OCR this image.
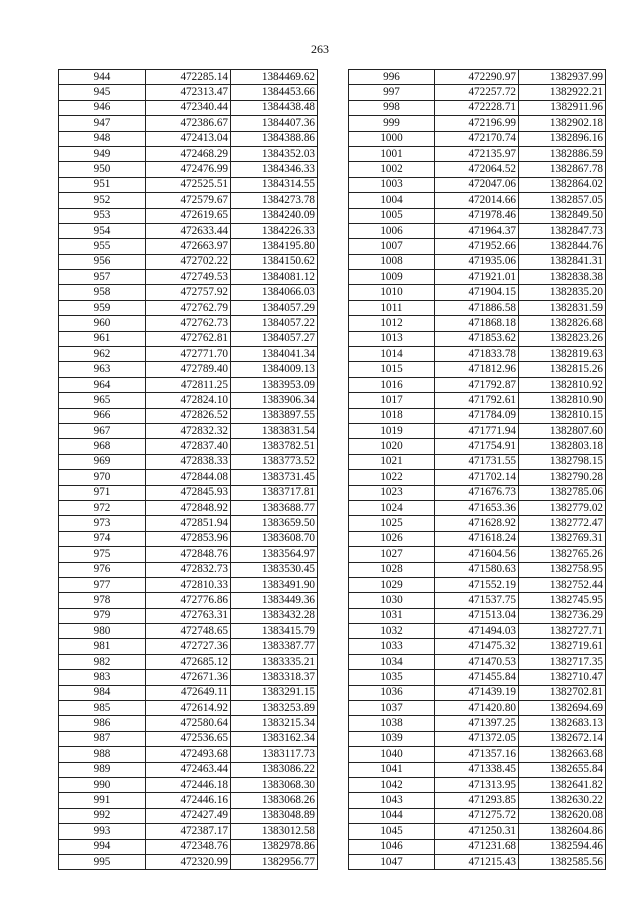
263
944	472285.14	1384469.62
945	472313.47	1384453.66
946	472340.44	1384438.48
947	472386.67	1384407.36
948	472413.04	1384388.86
949	472468.29	1384352.03
950	472476.99	1384346.33
951	472525.51	1384314.55
952	472579.67	1384273.78
953	472619.65	1384240.09
954	472633.44	1384226.33
955	472663.97	1384195.80
956	472702.22	1384150.62
957	472749.53	1384081.12
958	472757.92	1384066.03
959	472762.79	1384057.29
960	472762.73	1384057.22
961	472762.81	1384057.27
962	472771.70	1384041.34
963	472789.40	1384009.13
964	472811.25	1383953.09
965	472824.10	1383906.34
966	472826.52	1383897.55
967	472832.32	1383831.54
968	472837.40	1383782.51
969	472838.33	1383773.52
970	472844.08	1383731.45
971	472845.93	1383717.81
972	472848.92	1383688.77
973	472851.94	1383659.50
974	472853.96	1383608.70
975	472848.76	1383564.97
976	472832.73	1383530.45
977	472810.33	1383491.90
978	472776.86	1383449.36
979	472763.31	1383432.28
980	472748.65	1383415.79
981	472727.36	1383387.77
982	472685.12	1383335.21
983	472671.36	1383318.37
984	472649.11	1383291.15
985	472614.92	1383253.89
986	472580.64	1383215.34
987	472536.65	1383162.34
988	472493.68	1383117.73
989	472463.44	1383086.22
990	472446.18	1383068.30
991	472446.16	1383068.26
992	472427.49	1383048.89
993	472387.17	1383012.58
994	472348.76	1382978.86
995	472320.99	1382956.77
996	472290.97	1382937.99
997	472257.72	1382922.21
998	472228.71	1382911.96
999	472196.99	1382902.18
1000	472170.74	1382896.16
1001	472135.97	1382886.59
1002	472064.52	1382867.78
1003	472047.06	1382864.02
1004	472014.66	1382857.05
1005	471978.46	1382849.50
1006	471964.37	1382847.73
1007	471952.66	1382844.76
1008	471935.06	1382841.31
1009	471921.01	1382838.38
1010	471904.15	1382835.20
1011	471886.58	1382831.59
1012	471868.18	1382826.68
1013	471853.62	1382823.26
1014	471833.78	1382819.63
1015	471812.96	1382815.26
1016	471792.87	1382810.92
1017	471792.61	1382810.90
1018	471784.09	1382810.15
1019	471771.94	1382807.60
1020	471754.91	1382803.18
1021	471731.55	1382798.15
1022	471702.14	1382790.28
1023	471676.73	1382785.06
1024	471653.36	1382779.02
1025	471628.92	1382772.47
1026	471618.24	1382769.31
1027	471604.56	1382765.26
1028	471580.63	1382758.95
1029	471552.19	1382752.44
1030	471537.75	1382745.95
1031	471513.04	1382736.29
1032	471494.03	1382727.71
1033	471475.32	1382719.61
1034	471470.53	1382717.35
1035	471455.84	1382710.47
1036	471439.19	1382702.81
1037	471420.80	1382694.69
1038	471397.25	1382683.13
1039	471372.05	1382672.14
1040	471357.16	1382663.68
1041	471338.45	1382655.84
1042	471313.95	1382641.82
1043	471293.85	1382630.22
1044	471275.72	1382620.08
1045	471250.31	1382604.86
1046	471231.68	1382594.46
1047	471215.43	1382585.56
